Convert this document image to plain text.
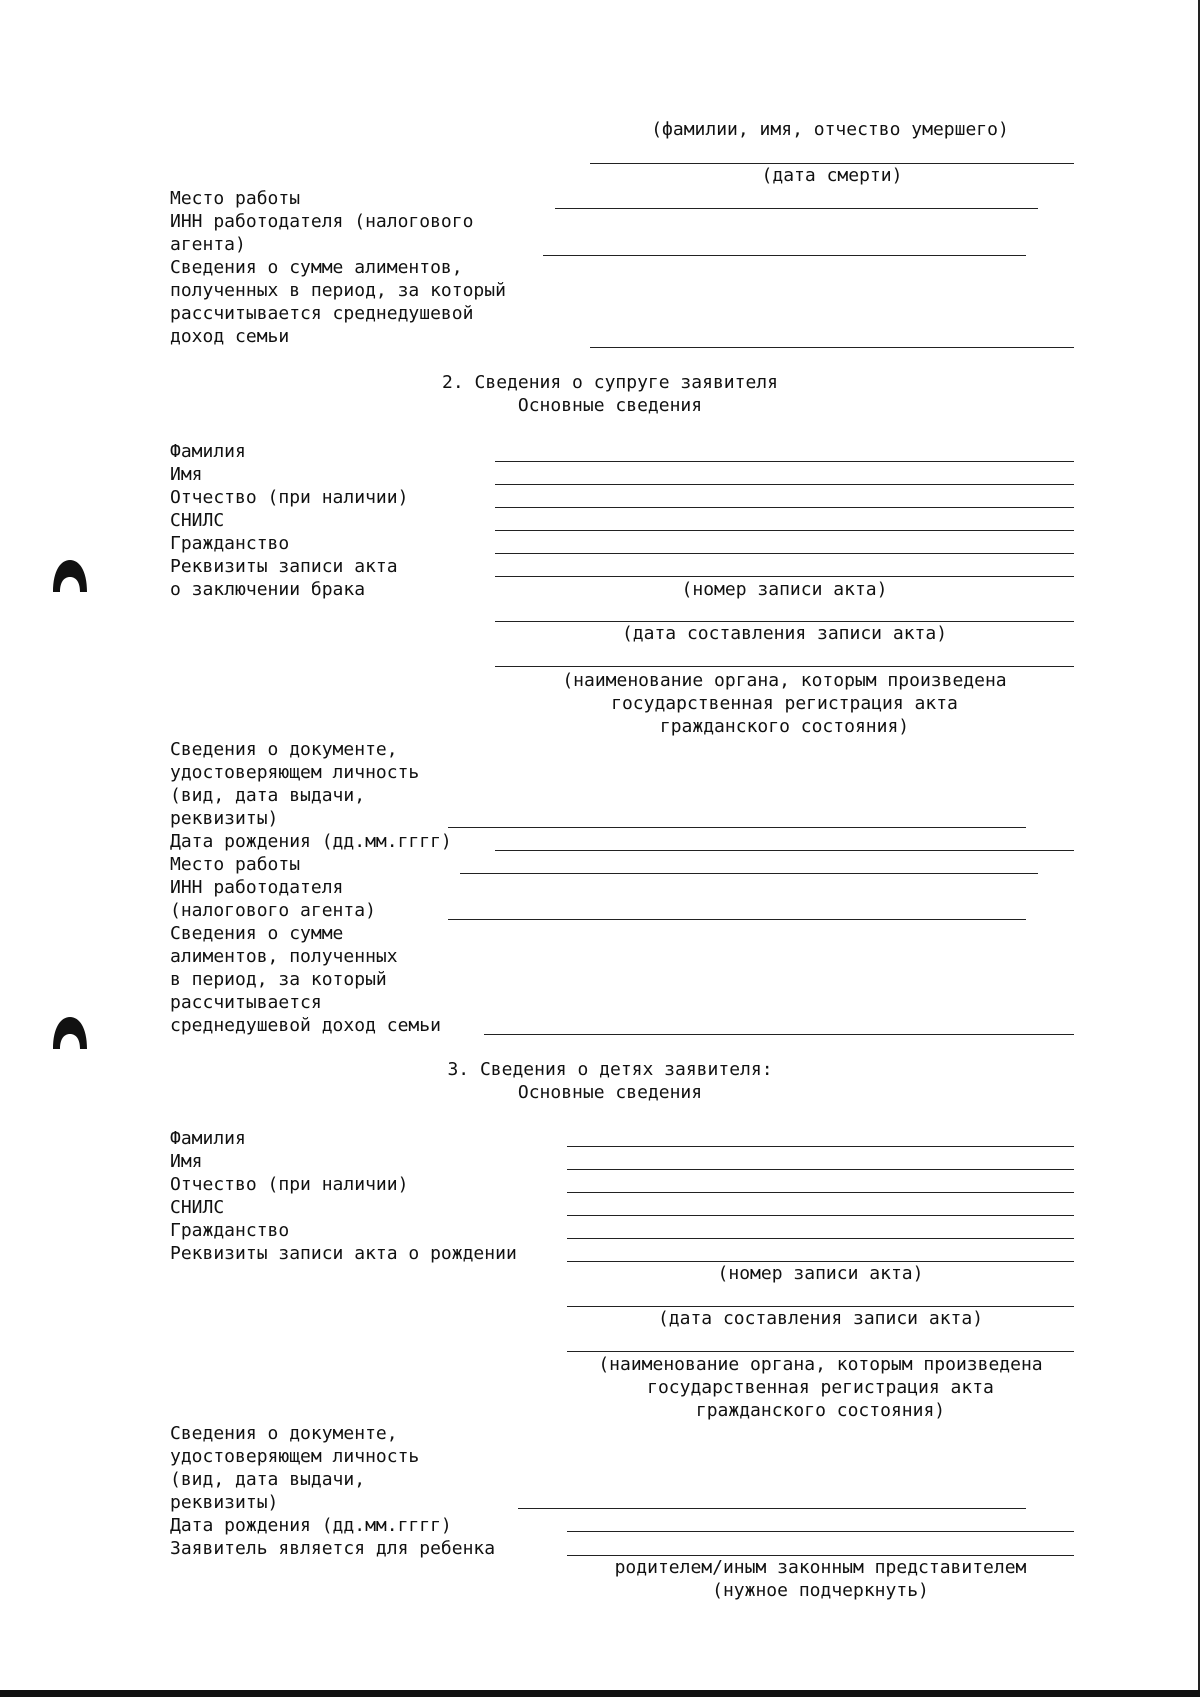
(фамилии, имя, отчество умершего)
(дата смерти)
Место работы
ИНН работодателя (налогового
агента)
Сведения о сумме алиментов,
полученных в период, за который
рассчитывается среднедушевой
доход семьи
2. Сведения о супруге заявителя
Основные сведения
Фамилия
Имя
Отчество (при наличии)
СНИЛС
Гражданство
Реквизиты записи акта
о заключении брака	(номер записи акта)
(дата составления записи акта)
(наименование органа, которым произведена
государственная регистрация акта
гражданского состояния)
Сведения о документе,
удостоверяющем личность
(вид, дата выдачи,
реквизиты)
Дата рождения (дд.мм.гггг)
Место работы
ИНН работодателя
(налогового агента)
Сведения о сумме
алиментов, полученных
в период, за который
рассчитывается
среднедушевой доход семьи
3. Сведения о детях заявителя:
Основные сведения
Фамилия
Имя
Отчество (при наличии)
СНИЛС
Гражданство
Реквизиты записи акта о рождении
(номер записи акта)
(дата составления записи акта)
(наименование органа, которым произведена
государственная регистрация акта
гражданского состояния)
Сведения о документе,
удостоверяющем личность
(вид, дата выдачи,
реквизиты)
Дата рождения (дд.мм.гггг)
Заявитель является для ребенка
родителем/иным законным представителем
(нужное подчеркнуть)
